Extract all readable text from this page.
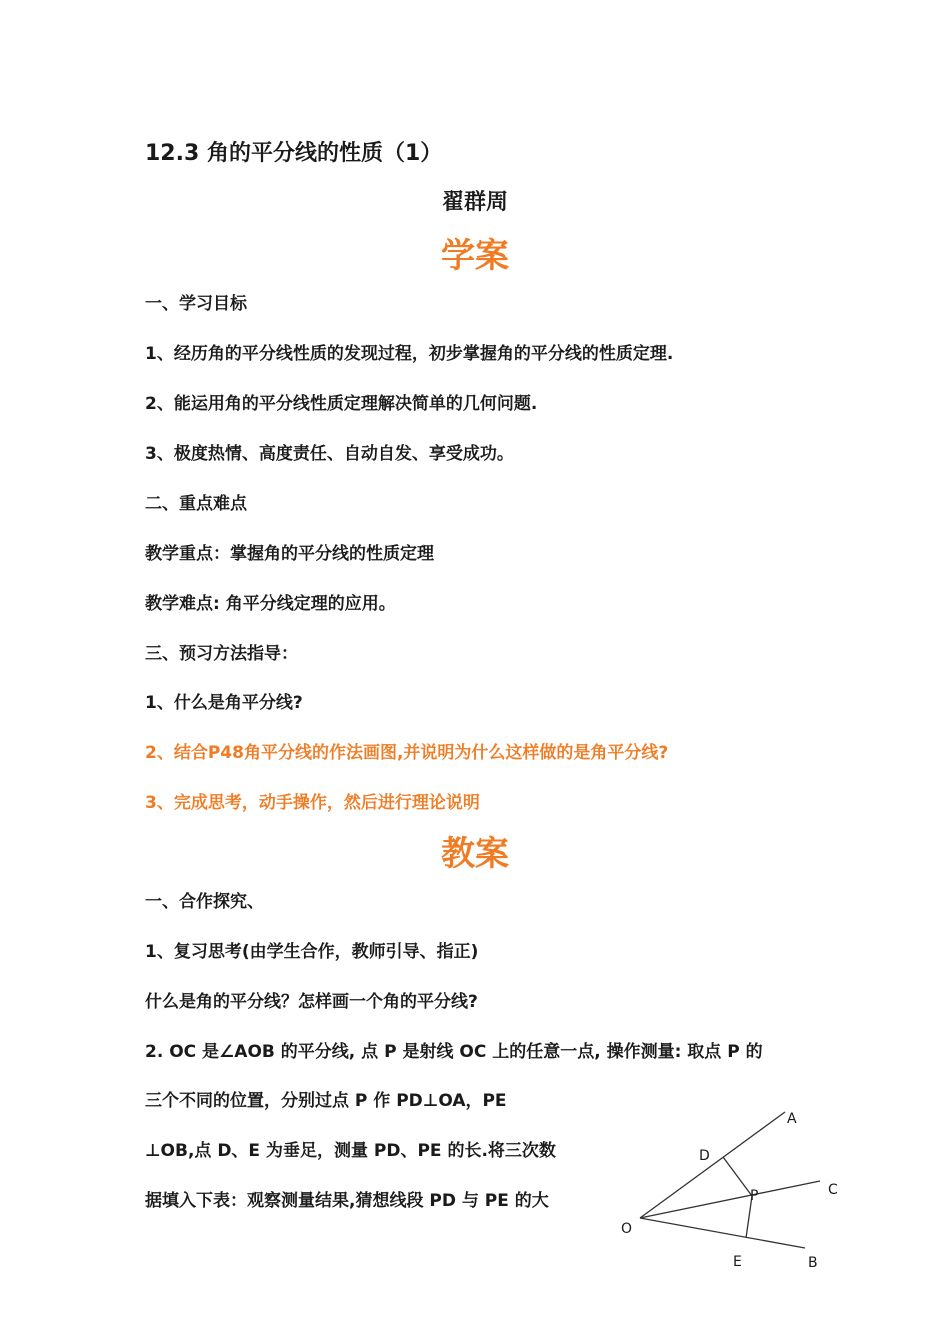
12.3 角的平分线的性质（1）
翟群周
学案
一、学习目标
1、经历角的平分线性质的发现过程，初步掌握角的平分线的性质定理.
2、能运用角的平分线性质定理解决简单的几何问题.
3、极度热情、高度责任、自动自发、享受成功。
二、重点难点
教学重点：掌握角的平分线的性质定理
教学难点: 角平分线定理的应用。
三、预习方法指导：
1、什么是角平分线?
2、结合P48角平分线的作法画图,并说明为什么这样做的是角平分线?
3、完成思考，动手操作，然后进行理论说明
教案
一、合作探究、
1、复习思考(由学生合作，教师引导、指正)
什么是角的平分线？怎样画一个角的平分线?
2. OC 是∠AOB 的平分线, 点 P 是射线 OC 上的任意一点, 操作测量: 取点 P 的
三个不同的位置，分别过点 P 作 PD⊥OA，PE
⊥OB,点 D、E 为垂足，测量 PD、PE 的长.将三次数
据填入下表：观察测量结果,猜想线段 PD 与 PE 的大
A
C
B
D
P
E
O
